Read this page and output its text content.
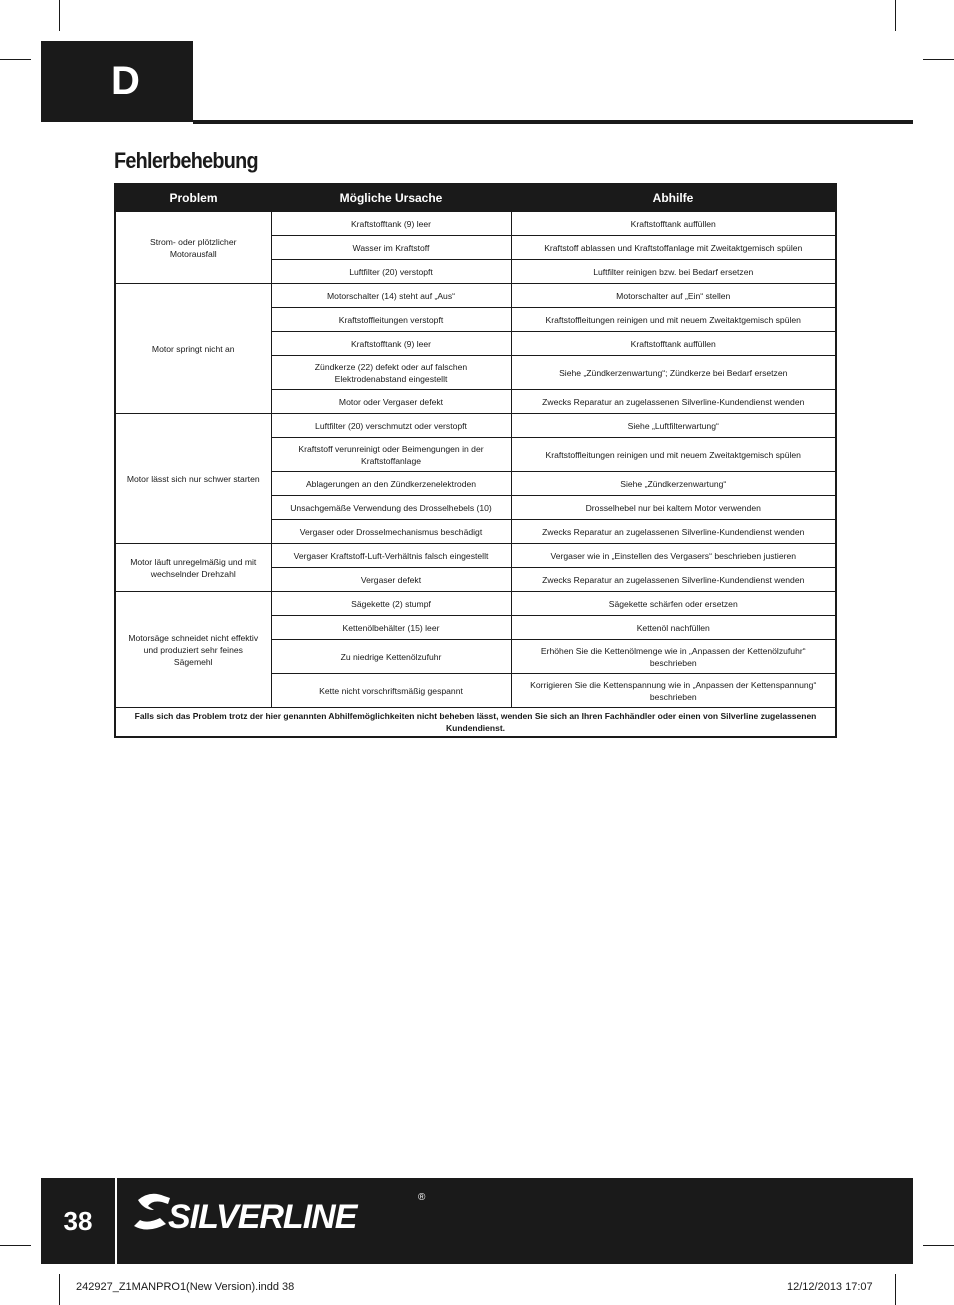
D
Fehlerbehebung
Problem	Mögliche Ursache	Abhilfe
Strom- oder plötzlicher Motorausfall	Kraftstofftank (9) leer	Kraftstofftank auffüllen
	Wasser im Kraftstoff	Kraftstoff ablassen und Kraftstoffanlage mit Zweitaktgemisch spülen
	Luftfilter (20) verstopft	Luftfilter reinigen bzw. bei Bedarf ersetzen
Motor springt nicht an	Motorschalter (14) steht auf „Aus“	Motorschalter auf „Ein“ stellen
	Kraftstoffleitungen verstopft	Kraftstoffleitungen reinigen und mit neuem Zweitaktgemisch spülen
	Kraftstofftank (9) leer	Kraftstofftank auffüllen
	Zündkerze (22) defekt oder auf falschen Elektrodenabstand eingestellt	Siehe „Zündkerzenwartung“; Zündkerze bei Bedarf ersetzen
	Motor oder Vergaser defekt	Zwecks Reparatur an zugelassenen Silverline-Kundendienst wenden
Motor lässt sich nur schwer starten	Luftfilter (20) verschmutzt oder verstopft	Siehe „Luftfilterwartung“
	Kraftstoff verunreinigt oder Beimengungen in der Kraftstoffanlage	Kraftstoffleitungen reinigen und mit neuem Zweitaktgemisch spülen
	Ablagerungen an den Zündkerzenelektroden	Siehe „Zündkerzenwartung“
	Unsachgemäße Verwendung des Drosselhebels (10)	Drosselhebel nur bei kaltem Motor verwenden
	Vergaser oder Drosselmechanismus beschädigt	Zwecks Reparatur an zugelassenen Silverline-Kundendienst wenden
Motor läuft unregelmäßig und mit wechselnder Drehzahl	Vergaser Kraftstoff-Luft-Verhältnis falsch eingestellt	Vergaser wie in „Einstellen des Vergasers“ beschrieben justieren
	Vergaser defekt	Zwecks Reparatur an zugelassenen Silverline-Kundendienst wenden
Motorsäge schneidet nicht effektiv und produziert sehr feines Sägemehl	Sägekette (2) stumpf	Sägekette schärfen oder ersetzen
	Kettenölbehälter (15) leer	Kettenöl nachfüllen
	Zu niedrige Kettenölzufuhr	Erhöhen Sie die Kettenölmenge wie in „Anpassen der Kettenölzufuhr“ beschrieben
	Kette nicht vorschriftsmäßig gespannt	Korrigieren Sie die Kettenspannung wie in „Anpassen der Kettenspannung“ beschrieben
Falls sich das Problem trotz der hier genannten Abhilfemöglichkeiten nicht beheben lässt, wenden Sie sich an Ihren Fachhändler oder einen von Silverline zugelassenen Kundendienst.		
38	SILVERLINE
®
242927_Z1MANPRO1(New Version).indd 38	12/12/2013 17:07
